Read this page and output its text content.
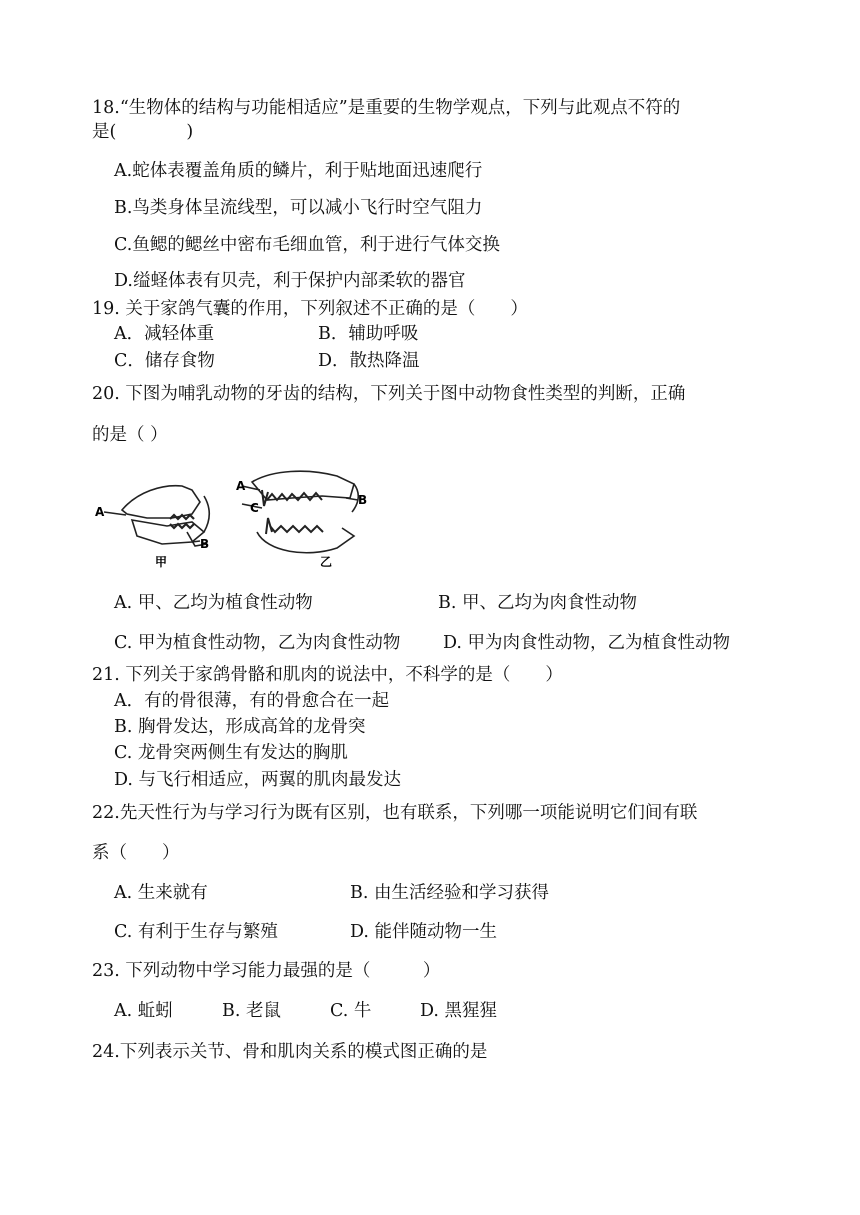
18.“生物体的结构与功能相适应”是重要的生物学观点，下列与此观点不符的
是(　　　　)
A.蛇体表覆盖角质的鳞片，利于贴地面迅速爬行
B.鸟类身体呈流线型，可以减小飞行时空气阻力
C.鱼鳃的鳃丝中密布毛细血管，利于进行气体交换
D.缢蛏体表有贝壳，利于保护内部柔软的器官
19. 关于家鸽气囊的作用，下列叙述不正确的是（　　）
A．减轻体重	B．辅助呼吸
C．储存食物	D．散热降温
20. 下图为哺乳动物的牙齿的结构，下列关于图中动物食性类型的判断，正确
的是（ ）
A
B
甲
A
C
B
乙
A. 甲、乙均为植食性动物	B. 甲、乙均为肉食性动物
C. 甲为植食性动物，乙为肉食性动物 D. 甲为肉食性动物，乙为植食性动物
21. 下列关于家鸽骨骼和肌肉的说法中，不科学的是（　　）
A．有的骨很薄，有的骨愈合在一起
B. 胸骨发达，形成高耸的龙骨突
C. 龙骨突两侧生有发达的胸肌
D. 与飞行相适应，两翼的肌肉最发达
22.先天性行为与学习行为既有区别，也有联系，下列哪一项能说明它们间有联
系（　　）
A. 生来就有	B. 由生活经验和学习获得
C. 有利于生存与繁殖	D. 能伴随动物一生
23. 下列动物中学习能力最强的是（　　　）
A. 蚯蚓	B. 老鼠	C. 牛	D. 黑猩猩
24.下列表示关节、骨和肌肉关系的模式图正确的是
